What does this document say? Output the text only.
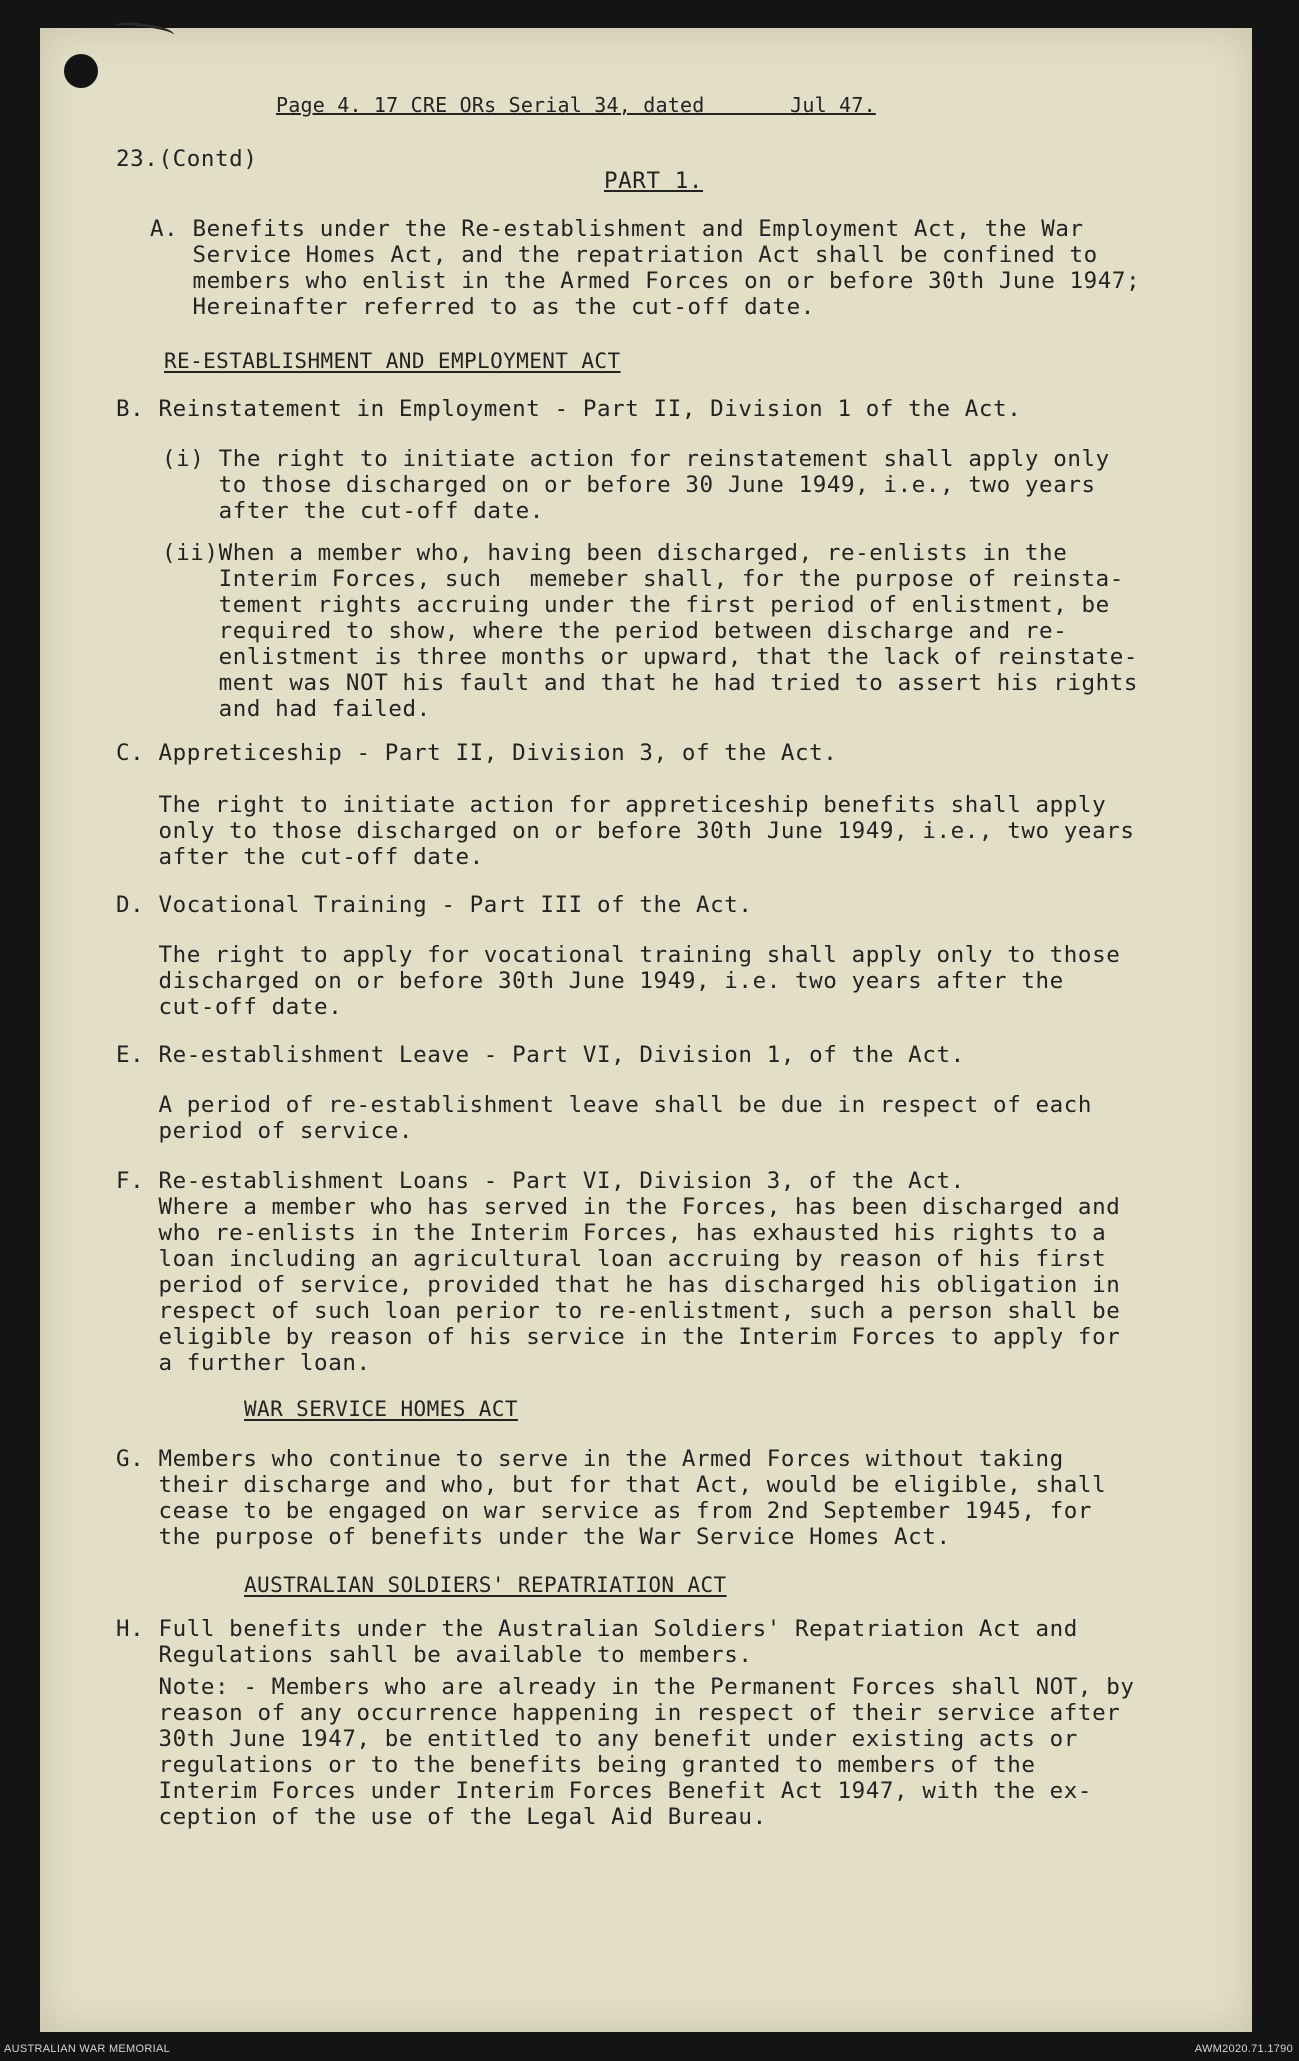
Page 4. 17 CRE ORs Serial 34, dated       Jul 47.

23.(Contd)

PART 1.

A. Benefits under the Re-establishment and Employment Act, the War

Service Homes Act, and the repatriation Act shall be confined to

members who enlist in the Armed Forces on or before 30th June 1947;

Hereinafter referred to as the cut-off date.

RE-ESTABLISHMENT AND EMPLOYMENT ACT

B. Reinstatement in Employment - Part II, Division 1 of the Act.

(i) The right to initiate action for reinstatement shall apply only

to those discharged on or before 30 June 1949, i.e., two years

after the cut-off date.

(ii)When a member who, having been discharged, re-enlists in the

Interim Forces, such  memeber shall, for the purpose of reinsta-

tement rights accruing under the first period of enlistment, be

required to show, where the period between discharge and re-

enlistment is three months or upward, that the lack of reinstate-

ment was NOT his fault and that he had tried to assert his rights

and had failed.

C. Appreticeship - Part II, Division 3, of the Act.

The right to initiate action for appreticeship benefits shall apply

only to those discharged on or before 30th June 1949, i.e., two years

after the cut-off date.

D. Vocational Training - Part III of the Act.

The right to apply for vocational training shall apply only to those

discharged on or before 30th June 1949, i.e. two years after the

cut-off date.

E. Re-establishment Leave - Part VI, Division 1, of the Act.

A period of re-establishment leave shall be due in respect of each

period of service.

F. Re-establishment Loans - Part VI, Division 3, of the Act.

Where a member who has served in the Forces, has been discharged and

who re-enlists in the Interim Forces, has exhausted his rights to a

loan including an agricultural loan accruing by reason of his first

period of service, provided that he has discharged his obligation in

respect of such loan perior to re-enlistment, such a person shall be

eligible by reason of his service in the Interim Forces to apply for

a further loan.

WAR SERVICE HOMES ACT

G. Members who continue to serve in the Armed Forces without taking

their discharge and who, but for that Act, would be eligible, shall

cease to be engaged on war service as from 2nd September 1945, for

the purpose of benefits under the War Service Homes Act.

AUSTRALIAN SOLDIERS' REPATRIATION ACT

H. Full benefits under the Australian Soldiers' Repatriation Act and

Regulations sahll be available to members.

Note: - Members who are already in the Permanent Forces shall NOT, by

reason of any occurrence happening in respect of their service after

30th June 1947, be entitled to any benefit under existing acts or

regulations or to the benefits being granted to members of the

Interim Forces under Interim Forces Benefit Act 1947, with the ex-

ception of the use of the Legal Aid Bureau.

AUSTRALIAN WAR MEMORIAL	AWM2020.71.1790
